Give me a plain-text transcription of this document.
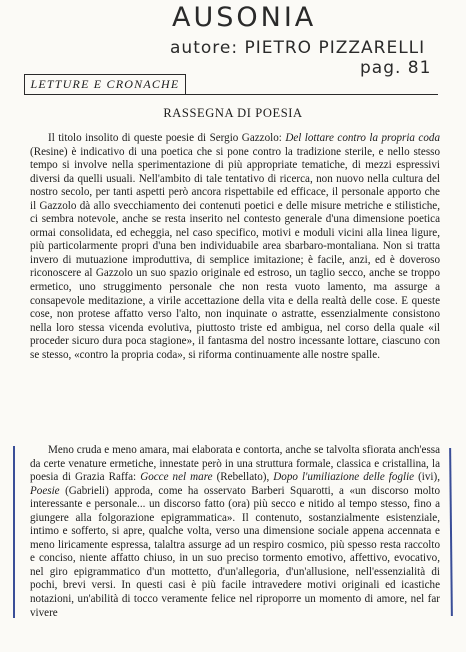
AUSONIA
autore: PIETRO PIZZARELLI
pag. 81
LETTURE E CRONACHE
RASSEGNA DI POESIA

Il titolo insolito di queste poesie di Sergio Gazzolo: Del lottare contro la propria coda (Resine) è indicativo di una poetica che si pone contro la tradizione sterile, e nello stesso tempo si involve nella sperimentazione di più appropriate tematiche, di mezzi espressivi diversi da quelli usuali. Nell'ambito di tale tentativo di ricerca, non nuovo nella cultura del nostro secolo, per tanti aspetti però ancora rispettabile ed efficace, il personale apporto che il Gazzolo dà allo svecchiamento dei contenuti poetici e delle misure metriche e stilistiche, ci sembra notevole, anche se resta inserito nel contesto generale d'una dimensione poetica ormai consolidata, ed echeggia, nel caso specifico, motivi e moduli vicini alla linea ligure, più particolarmente propri d'una ben individuabile area sbarbaro-montaliana. Non si tratta invero di mutuazione improduttiva, di semplice imitazione; è facile, anzi, ed è doveroso riconoscere al Gazzolo un suo spazio originale ed estroso, un taglio secco, anche se troppo ermetico, uno struggimento personale che non resta vuoto lamento, ma assurge a consapevole meditazione, a virile accettazione della vita e della realtà delle cose. E queste cose, non protese affatto verso l'alto, non inquinate o astratte, essenzialmente consistono nella loro stessa vicenda evolutiva, piuttosto triste ed ambigua, nel corso della quale «il proceder sicuro dura poca stagione», il fantasma del nostro incessante lottare, ciascuno con se stesso, «contro la propria coda», si riforma continuamente alle nostre spalle.

Meno cruda e meno amara, mai elaborata e contorta, anche se talvolta sfiorata anch'essa da certe venature ermetiche, innestate però in una struttura formale, classica e cristallina, la poesia di Grazia Raffa: Gocce nel mare (Rebellato), Dopo l'umiliazione delle foglie (ivi), Poesie (Gabrieli) approda, come ha osservato Barberi Squarotti, a «un discorso molto interessante e personale... un discorso fatto (ora) più secco e nitido al tempo stesso, fino a giungere alla folgorazione epigrammatica». Il contenuto, sostanzialmente esistenziale, intimo e sofferto, si apre, qualche volta, verso una dimensione sociale appena accennata e meno liricamente espressa, talaltra assurge ad un respiro cosmico, più spesso resta raccolto e conciso, niente affatto chiuso, in un suo preciso tormento emotivo, affettivo, evocativo, nel giro epigrammatico d'un mottetto, d'un'allegoria, d'un'allusione, nell'essenzialità di pochi, brevi versi. In questi casi è più facile intravedere motivi originali ed icastiche notazioni, un'abilità di tocco veramente felice nel riproporre un momento di amore, nel far vivere
